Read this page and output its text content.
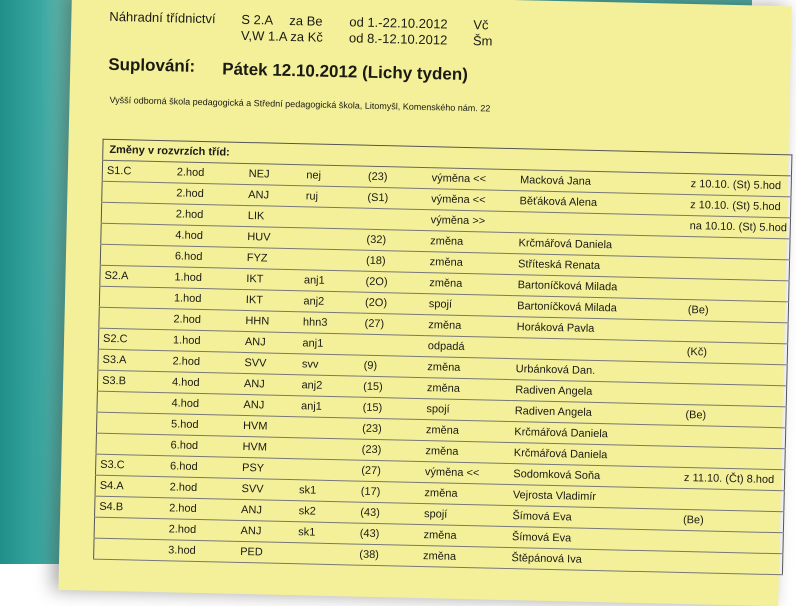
Náhradní třídnictví S 2.A za Be od 1.-22.10.2012 Vč
V,W 1.A za Kč od 8.-12.10.2012 Šm
Suplování: Pátek 12.10.2012 (Lichy tyden)
Vyšší odborná škola pedagogická a Střední pedagogická škola, Litomyšl, Komenského nám. 22
Změny v rozvrzích tříd:							
S1.C	2.hod	NEJ	nej	(23)	výměna <<	Macková Jana	z 10.10. (St) 5.hod
	2.hod	ANJ	ruj	(S1)	výměna <<	Běťáková Alena	z 10.10. (St) 5.hod
	2.hod	LIK			výměna >>		na 10.10. (St) 5.hod
	4.hod	HUV		(32)	změna	Krčmářová Daniela	
	6.hod	FYZ		(18)	změna	Stříteská Renata	
S2.A	1.hod	IKT	anj1	(2O)	změna	Bartoníčková Milada	
	1.hod	IKT	anj2	(2O)	spojí	Bartoníčková Milada	(Be)
	2.hod	HHN	hhn3	(27)	změna	Horáková Pavla	
S2.C	1.hod	ANJ	anj1		odpadá		(Kč)
S3.A	2.hod	SVV	svv	(9)	změna	Urbánková Dan.	
S3.B	4.hod	ANJ	anj2	(15)	změna	Radiven Angela	
	4.hod	ANJ	anj1	(15)	spojí	Radiven Angela	(Be)
	5.hod	HVM		(23)	změna	Krčmářová Daniela	
	6.hod	HVM		(23)	změna	Krčmářová Daniela	
S3.C	6.hod	PSY		(27)	výměna <<	Sodomková Soňa	z 11.10. (Čt) 8.hod
S4.A	2.hod	SVV	sk1	(17)	změna	Vejrosta Vladimír	
S4.B	2.hod	ANJ	sk2	(43)	spojí	Šímová Eva	(Be)
	2.hod	ANJ	sk1	(43)	změna	Šímová Eva	
	3.hod	PED		(38)	změna	Štěpánová Iva	
